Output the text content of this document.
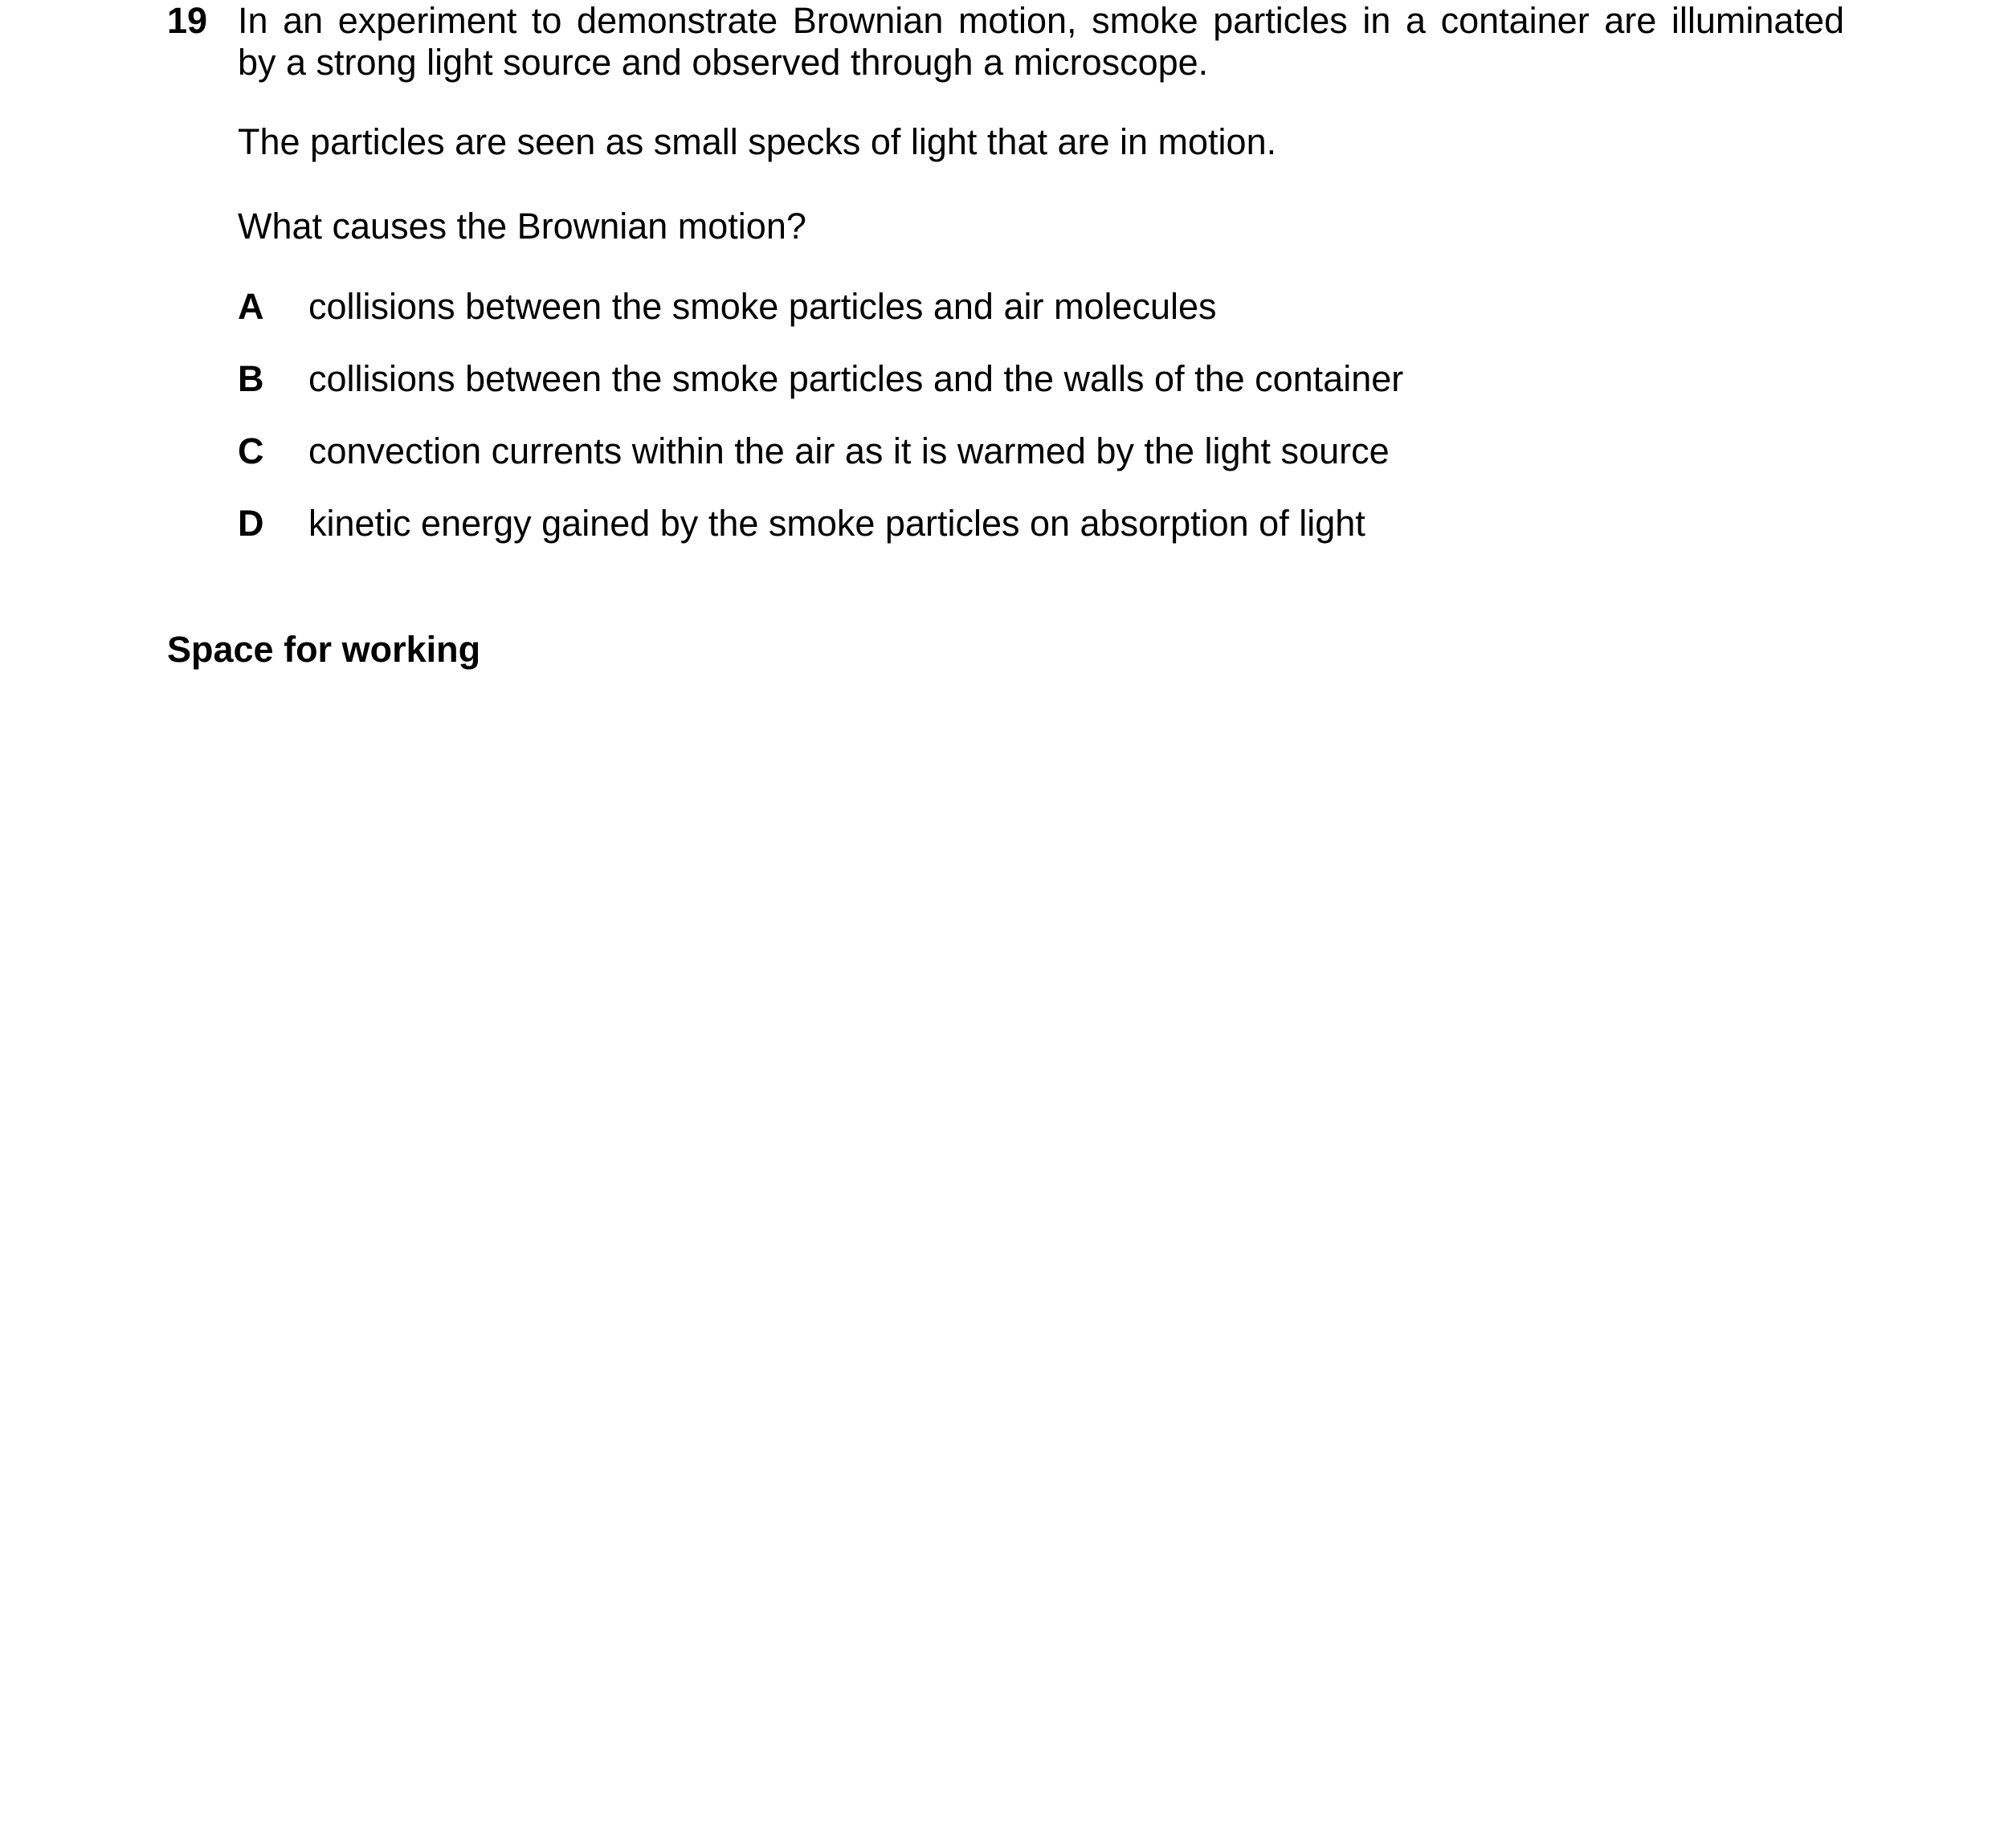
19 In an experiment to demonstrate Brownian motion, smoke particles in a container are illuminated
by a strong light source and observed through a microscope.
The particles are seen as small specks of light that are in motion.
What causes the Brownian motion?
A collisions between the smoke particles and air molecules
B collisions between the smoke particles and the walls of the container
C convection currents within the air as it is warmed by the light source
D kinetic energy gained by the smoke particles on absorption of light
Space for working
